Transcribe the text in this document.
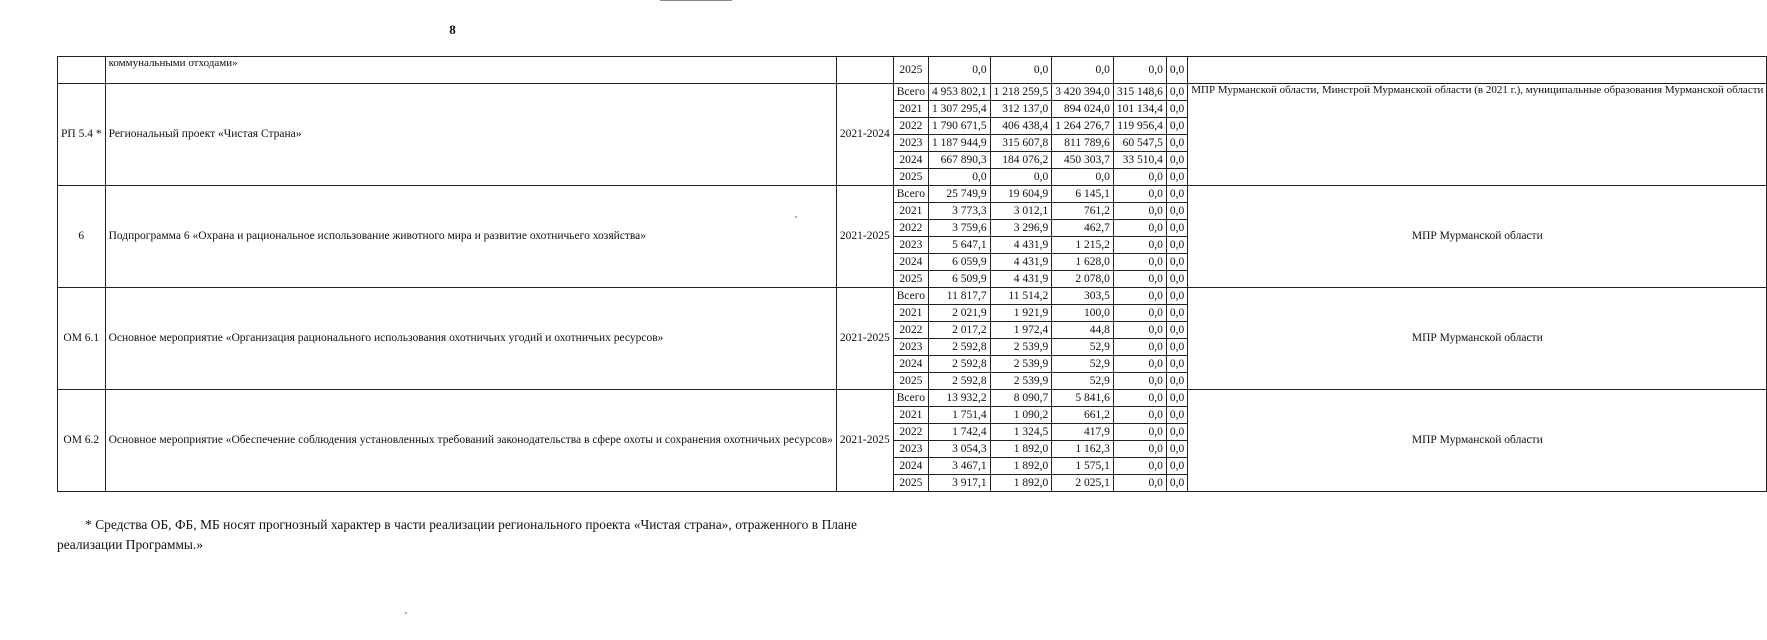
8
	коммунальными отходами»		2025	0,0	0,0	0,0	0,0	0,0	
РП 5.4 *	Региональный проект «Чистая Страна»	2021-2024	Всего	4 953 802,1	1 218 259,5	3 420 394,0	315 148,6	0,0	МПР Мурманской области, Минстрой Мурманской области (в 2021 г.), муниципальные образования Мурманской области
			2021	1 307 295,4	312 137,0	894 024,0	101 134,4	0,0	
			2022	1 790 671,5	406 438,4	1 264 276,7	119 956,4	0,0	
			2023	1 187 944,9	315 607,8	811 789,6	60 547,5	0,0	
			2024	667 890,3	184 076,2	450 303,7	33 510,4	0,0	
			2025	0,0	0,0	0,0	0,0	0,0	
6	Подпрограмма 6 «Охрана и рациональное использование животного мира и развитие охотничьего хозяйства»	2021-2025	Всего	25 749,9	19 604,9	6 145,1	0,0	0,0	МПР Мурманской области
			2021	3 773,3	3 012,1	761,2	0,0	0,0	
			2022	3 759,6	3 296,9	462,7	0,0	0,0	
			2023	5 647,1	4 431,9	1 215,2	0,0	0,0	
			2024	6 059,9	4 431,9	1 628,0	0,0	0,0	
			2025	6 509,9	4 431,9	2 078,0	0,0	0,0	
ОМ 6.1	Основное мероприятие «Организация рационального использования охотничьих угодий и охотничьих ресурсов»	2021-2025	Всего	11 817,7	11 514,2	303,5	0,0	0,0	МПР Мурманской области
			2021	2 021,9	1 921,9	100,0	0,0	0,0	
			2022	2 017,2	1 972,4	44,8	0,0	0,0	
			2023	2 592,8	2 539,9	52,9	0,0	0,0	
			2024	2 592,8	2 539,9	52,9	0,0	0,0	
			2025	2 592,8	2 539,9	52,9	0,0	0,0	
ОМ 6.2	Основное мероприятие «Обеспечение соблюдения установленных требований законодательства в сфере охоты и сохранения охотничьих ресурсов»	2021-2025	Всего	13 932,2	8 090,7	5 841,6	0,0	0,0	МПР Мурманской области
			2021	1 751,4	1 090,2	661,2	0,0	0,0	
			2022	1 742,4	1 324,5	417,9	0,0	0,0	
			2023	3 054,3	1 892,0	1 162,3	0,0	0,0	
			2024	3 467,1	1 892,0	1 575,1	0,0	0,0	
			2025	3 917,1	1 892,0	2 025,1	0,0	0,0	
* Средства ОБ, ФБ, МБ носят прогнозный характер в части реализации регионального проекта «Чистая страна», отраженного в Плане реализации Программы.»
